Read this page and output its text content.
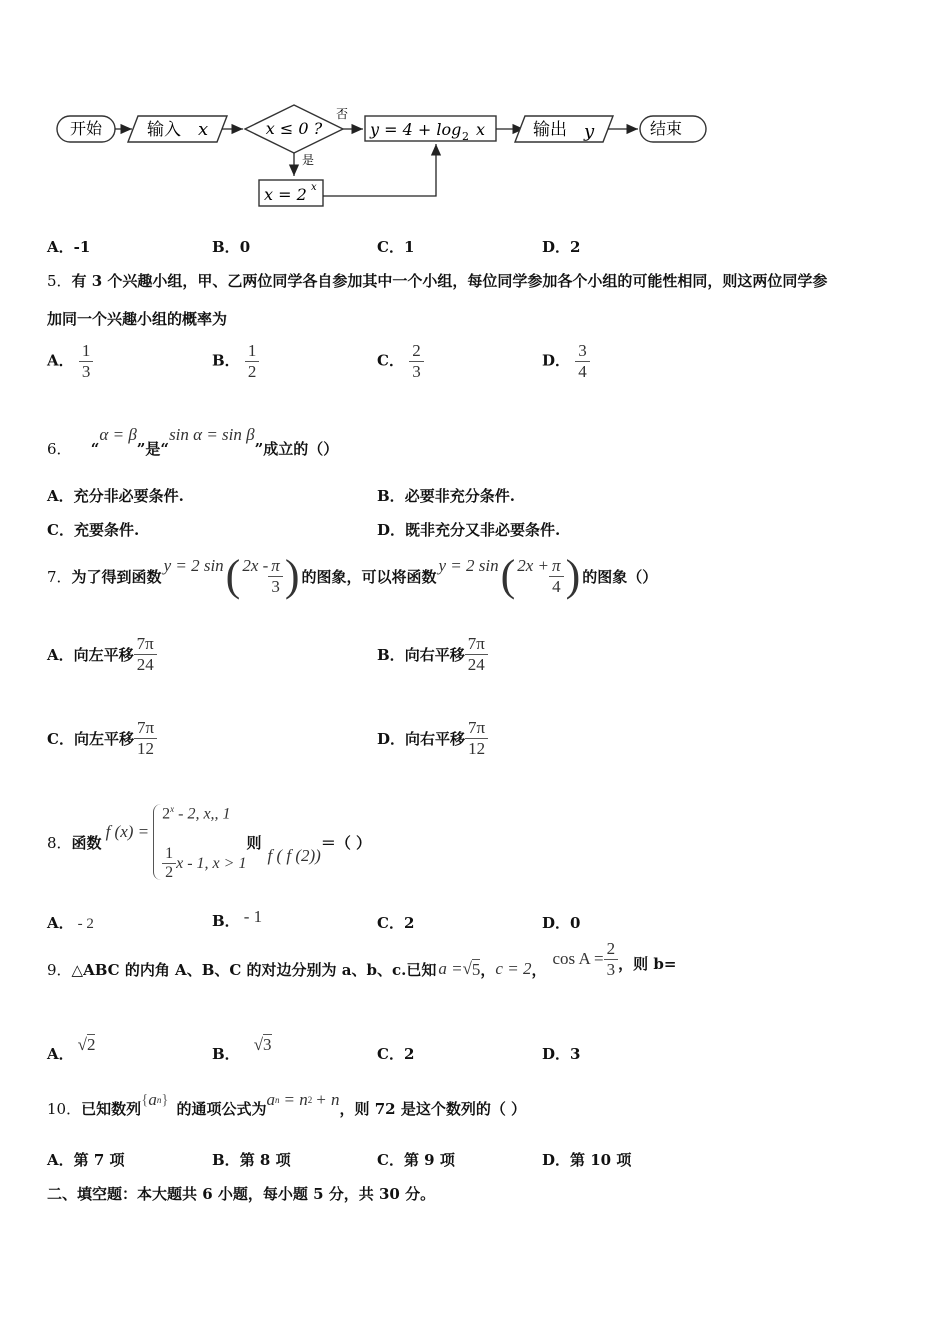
开始	输入 x	x ≤ 0 ?
否
y = 4 + log 2 x	输出 y	结束
是
x = 2 x
A．-1	B．0	C．1	D．2
5．有 3 个兴趣小组，甲、乙两位同学各自参加其中一个小组，每位同学参加各个小组的可能性相同，则这两位同学参
加同一个兴趣小组的概率为
A． $\frac{1}{3}$	B． $\frac{1}{2}$	C． $\frac{2}{3}$	D． $\frac{3}{4}$
6． “α = β”是“sin α = sin β”成立的（）
A．充分非必要条件.	B．必要非充分条件.
C．充要条件.	D．既非充分又非必要条件.
7． 为了得到函数
y = 2 sin ( $2x - \frac{\pi}{3}$ ) 的图象，可以将函数
y = 2 sin ( $2x + \frac{\pi}{4}$ ) 的图象（）
A． 向左平移 $\frac{7\pi}{24}$	B． 向右平移 $\frac{7\pi}{24}$
C． 向左平移 $\frac{7\pi}{12}$	D． 向右平移 $\frac{7\pi}{12}$
8． 函数
f (x) =
$2^x - 2$, x,, 1
$\frac{1}{2}$ x - 1, x > 1
则
f ( f (2))
＝（ ）
A． - 2	B． - 1	C．2	D．0
9． △ABC 的内角 A、B、C 的对边分别为 a、b、c.已知 a = √ 5 ， c = 2 ，
$\cos A = \frac{2}{3}$ ，则 b=
A． √2	B． √3	C．2	D．3
10． 已知数列 { $a_n$ } 的通项公式为 $a_n = n^2 + n$ ，则 72 是这个数列的（ ）
A．第 7 项	B．第 8 项	C．第 9 项	D．第 10 项
二、填空题：本大题共 6 小题，每小题 5 分，共 30 分。
